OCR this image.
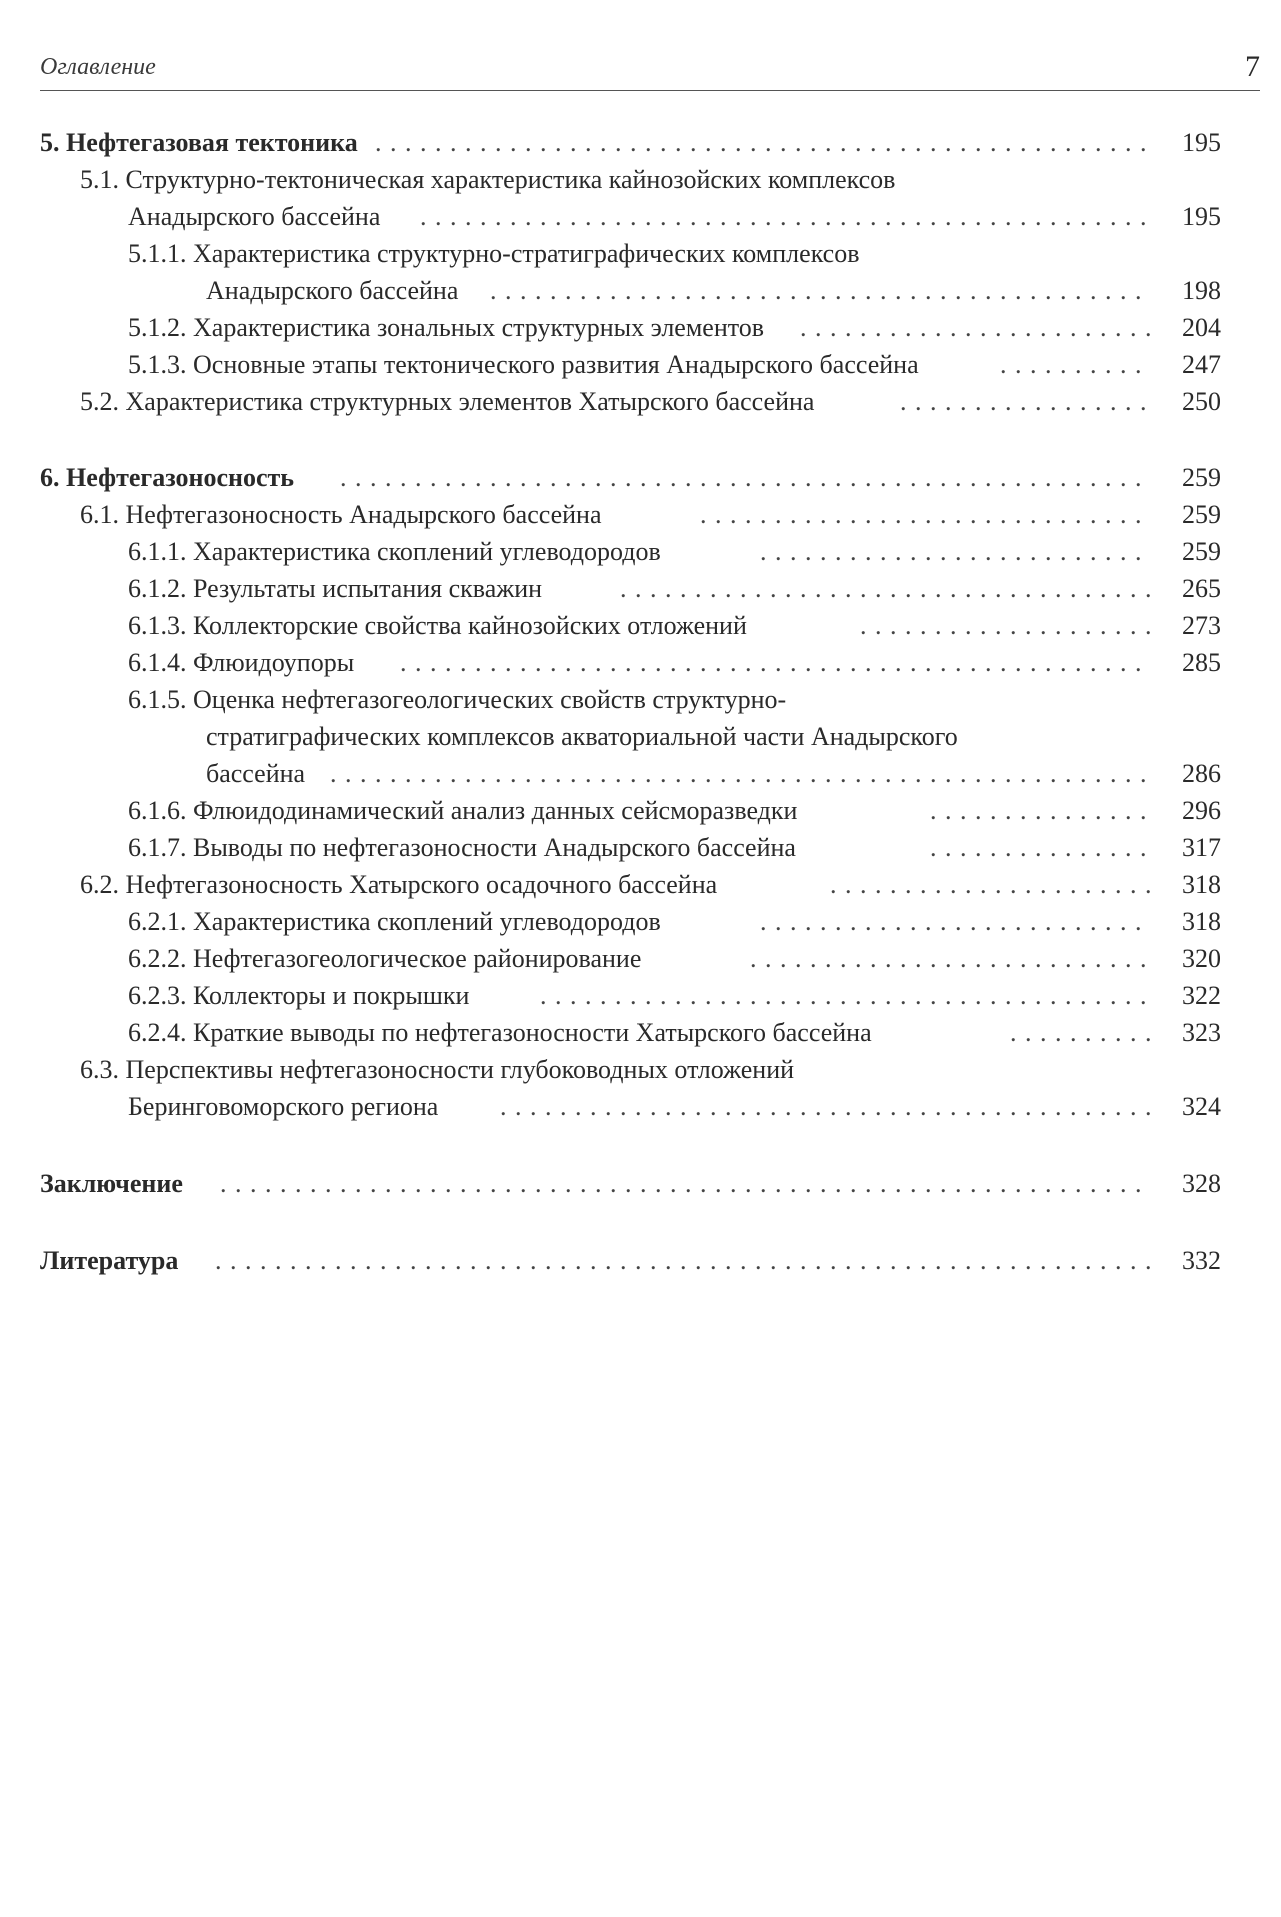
Оглавление	7
. . .
5. Нефтегазовая тектоника	195
5.1. Структурно-тектоническая характеристика кайнозойских комплексов
. . .
Анадырского бассейна	195
5.1.1. Характеристика структурно-стратиграфических комплексов
. . .
Анадырского бассейна	198
. . .
5.1.2. Характеристика зональных структурных элементов	204
. . .
5.1.3. Основные этапы тектонического развития Анадырского бассейна	247
. . .
5.2. Характеристика структурных элементов Хатырского бассейна	250
. . .
6. Нефтегазоносность	259
. . .
6.1. Нефтегазоносность Анадырского бассейна	259
. . .
6.1.1. Характеристика скоплений углеводородов	259
. . .
6.1.2. Результаты испытания скважин	265
. . .
6.1.3. Коллекторские свойства кайнозойских отложений	273
. . .
6.1.4. Флюидоупоры	285
6.1.5. Оценка нефтегазогеологических свойств структурно-
стратиграфических комплексов акваториальной части Анадырского
. . .
бассейна	286
. . .
6.1.6. Флюидодинамический анализ данных сейсморазведки	296
. . .
6.1.7. Выводы по нефтегазоносности Анадырского бассейна	317
. . .
6.2. Нефтегазоносность Хатырского осадочного бассейна	318
. . .
6.2.1. Характеристика скоплений углеводородов	318
. . .
6.2.2. Нефтегазогеологическое районирование	320
. . .
6.2.3. Коллекторы и покрышки	322
. . .
6.2.4. Краткие выводы по нефтегазоносности Хатырского бассейна	323
6.3. Перспективы нефтегазоносности глубоководных отложений
. . .
Беринговоморского региона	324
. . .
Заключение	328
. . .
Литература	332
